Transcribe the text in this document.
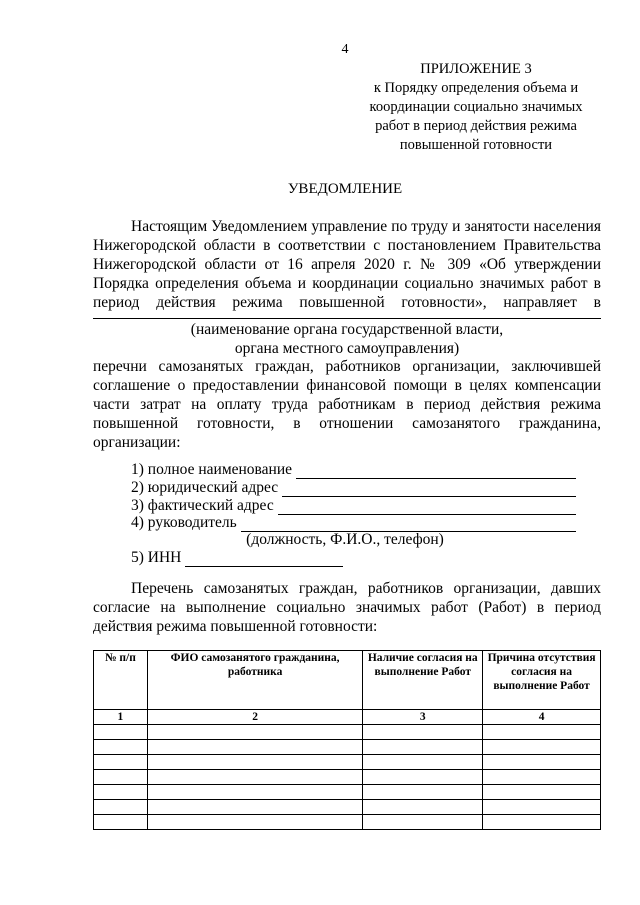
4
ПРИЛОЖЕНИЕ 3
к Порядку определения объема и
координации социально значимых
работ в период действия режима
повышенной готовности
УВЕДОМЛЕНИЕ
Настоящим Уведомлением управление по труду и занятости населения
Нижегородской области в соответствии с постановлением Правительства
Нижегородской области от 16 апреля 2020 г. № 309 «Об утверждении
Порядка определения объема и координации социально значимых работ в
период действия режима повышенной готовности», направляет в
(наименование органа государственной власти,
органа местного самоуправления)
перечни самозанятых граждан, работников организации, заключившей
соглашение о предоставлении финансовой помощи в целях компенсации
части затрат на оплату труда работникам в период действия режима
повышенной готовности, в отношении самозанятого гражданина,
организации:
1) полное наименование
2) юридический адрес
3) фактический адрес
4) руководитель
(должность, Ф.И.О., телефон)
5) ИНН
Перечень самозанятых граждан, работников организации, давших
согласие на выполнение социально значимых работ (Работ) в период
действия режима повышенной готовности:
№ п/п	ФИО самозанятого гражданина, работника	Наличие согласия на выполнение Работ	Причина отсутствия согласия на выполнение Работ
1	2	3	4
